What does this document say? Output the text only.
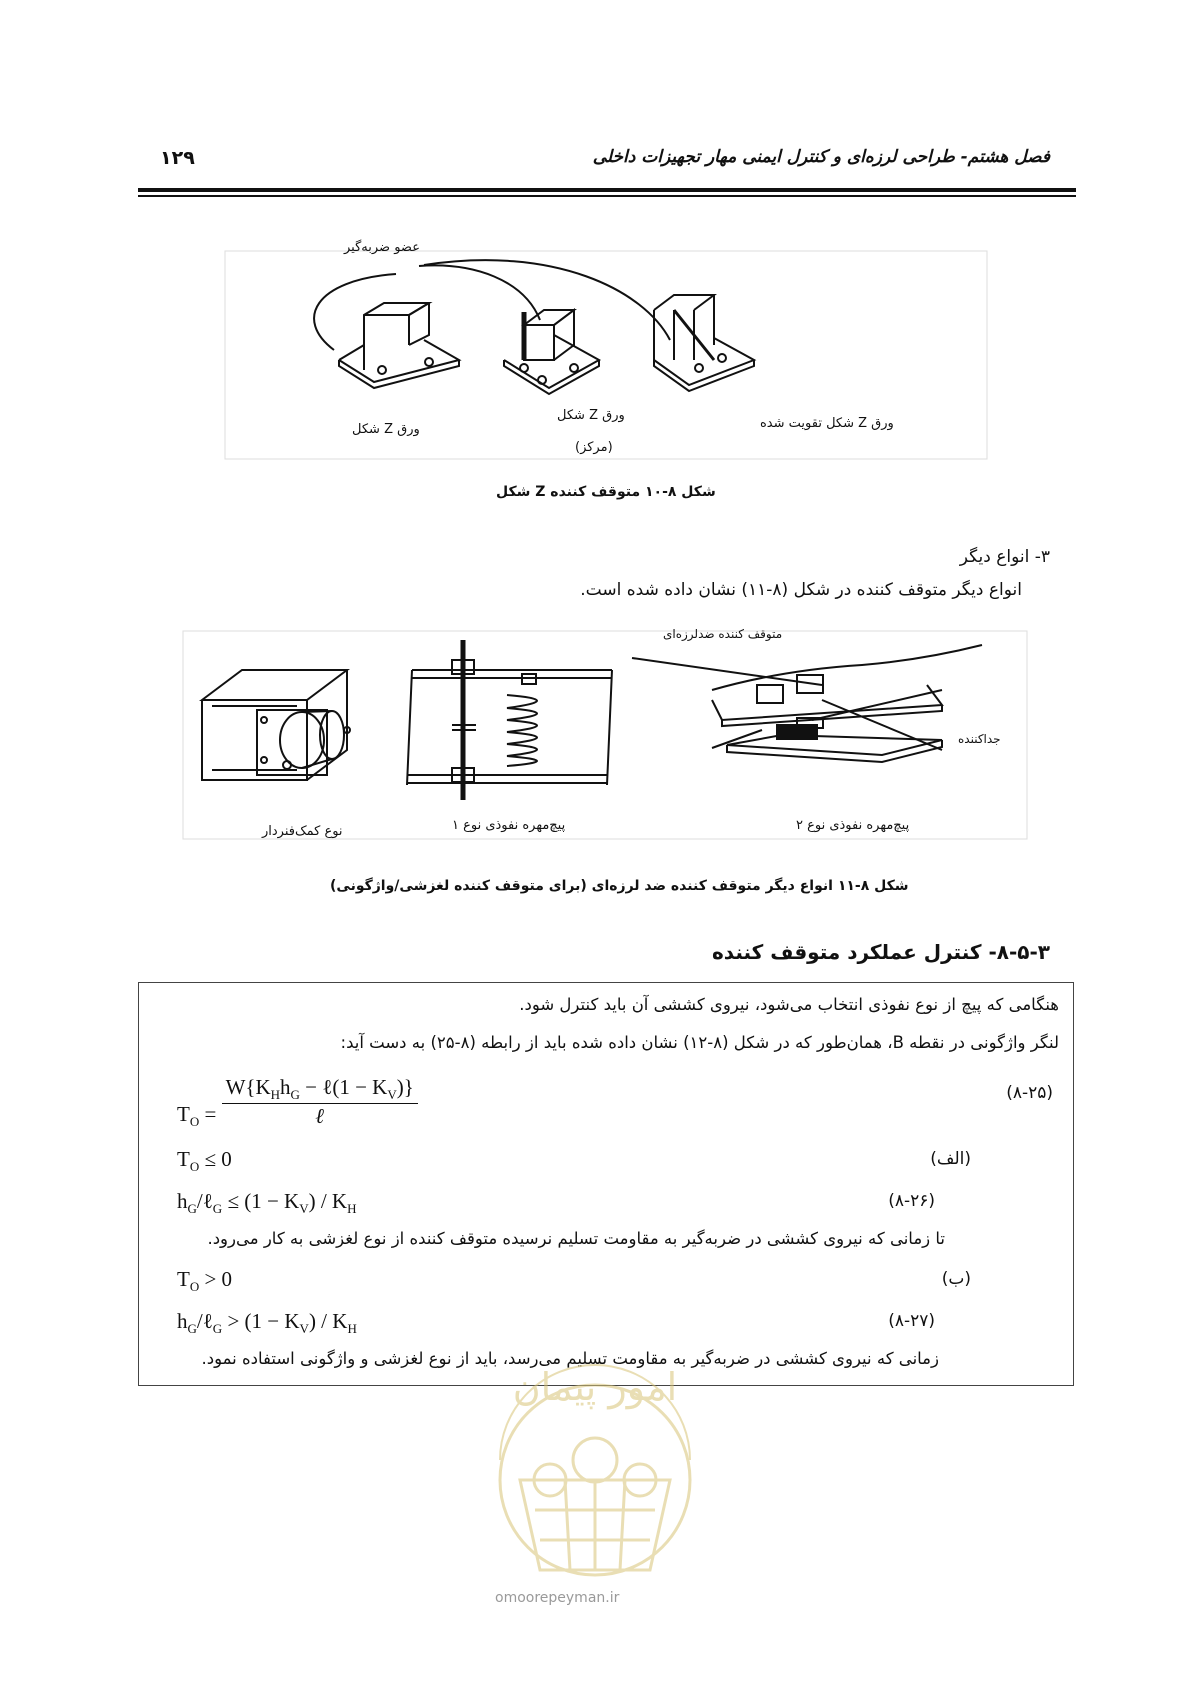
۱۲۹	فصل هشتم- طراحی لرزه‌ای و کنترل ایمنی مهار تجهیزات داخلی
عضو ضربه‌گیر
ورق Z شکل
ورق Z شکل
(مرکز)
ورق Z شکل تقویت شده
شکل ۸-۱۰ متوقف کننده Z شکل
۳- انواع دیگر
انواع دیگر متوقف کننده در شکل (۸-۱۱) نشان داده شده است.
متوقف کننده ضدلرزه‌ای
جداکننده
نوع کمک‌فنردار	پیچ‌مهره نفوذی نوع ۱	پیچ‌مهره نفوذی نوع ۲
شکل ۸-۱۱ انواع دیگر متوقف کننده ضد لرزه‌ای (برای متوقف کننده لغزشی/واژگونی)
۸-۵-۳- کنترل عملکرد متوقف کننده
هنگامی که پیچ از نوع نفوذی انتخاب می‌شود، نیروی کششی آن باید کنترل شود.
لنگر واژگونی در نقطه B، همان‌طور که در شکل (۸-۱۲) نشان داده شده باید از رابطه (۸-۲۵) به دست آید:
$T_O$ =
$W\{K_Hh_G$ − ℓ(1 − $K_V$)}
ℓ
(۸-۲۵)
$T_O \le 0$	(الف)
$h_G/\ell_G \le (1 - K_V) / K_H$	(۸-۲۶)
تا زمانی که نیروی کششی در ضربه‌گیر به مقاومت تسلیم نرسیده متوقف کننده از نوع لغزشی به کار می‌رود.
$T_O > 0$	(ب)
$h_G/\ell_G > (1 - K_V) / K_H$	(۸-۲۷)
زمانی که نیروی کششی در ضربه‌گیر به مقاومت تسلیم می‌رسد، باید از نوع لغزشی و واژگونی استفاده نمود.
امور پیمان
omoorepeyman.ir
